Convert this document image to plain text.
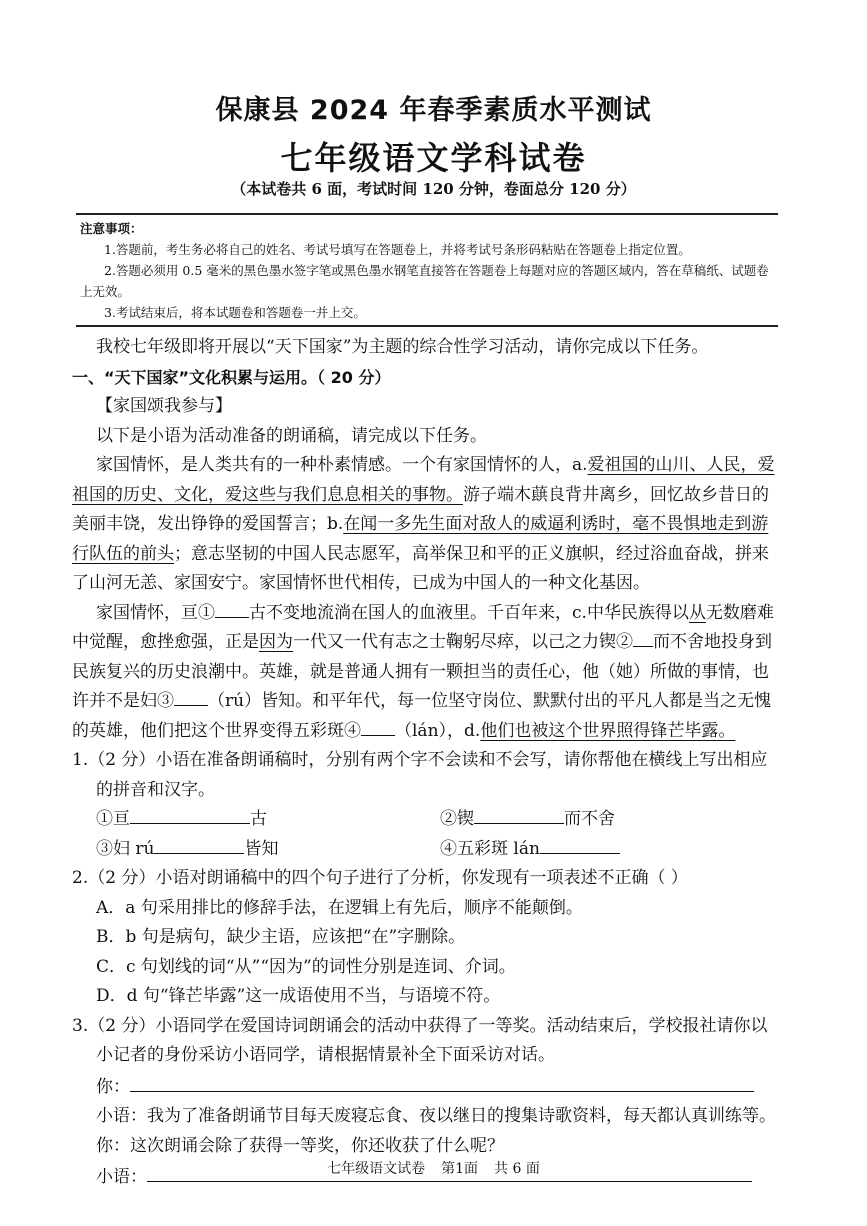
保康县 2024 年春季素质水平测试
七年级语文学科试卷
（本试卷共 6 面，考试时间 120 分钟，卷面总分 120 分）

注意事项：

1.答题前，考生务必将自己的姓名、考试号填写在答题卷上，并将考试号条形码粘贴在答题卷上指定位置。

2.答题必须用 0.5 毫米的黑色墨水签字笔或黑色墨水钢笔直接答在答题卷上每题对应的答题区域内，答在草稿纸、试题卷上无效。

3.考试结束后，将本试题卷和答题卷一并上交。

我校七年级即将开展以“天下国家”为主题的综合性学习活动，请你完成以下任务。

一、“天下国家”文化积累与运用。（ 20 分）

【家国颂我参与】

以下是小语为活动准备的朗诵稿，请完成以下任务。

家国情怀，是人类共有的一种朴素情感。一个有家国情怀的人，a.爱祖国的山川、人民，爱祖国的历史、文化，爱这些与我们息息相关的事物。游子端木蕻良背井离乡，回忆故乡昔日的美丽丰饶，发出铮铮的爱国誓言；b.在闻一多先生面对敌人的威逼利诱时，毫不畏惧地走到游行队伍的前头；意志坚韧的中国人民志愿军，高举保卫和平的正义旗帜，经过浴血奋战，拼来了山河无恙、家国安宁。家国情怀世代相传，已成为中国人的一种文化基因。

家国情怀，亘① 古不变地流淌在国人的血液里。千百年来，c.中华民族得以从无数磨难中觉醒，愈挫愈强，正是因为一代又一代有志之士鞠躬尽瘁，以己之力锲② 而不舍地投身到民族复兴的历史浪潮中。英雄，就是普通人拥有一颗担当的责任心，他（她）所做的事情，也许并不是妇③ （rú）皆知。和平年代，每一位坚守岗位、默默付出的平凡人都是当之无愧的英雄，他们把这个世界变得五彩斑④ （lán），d.他们也被这个世界照得锋芒毕露。

1.（2 分）小语在准备朗诵稿时，分别有两个字不会读和不会写，请你帮他在横线上写出相应的拼音和汉字。

①亘	古	②锲	而不舍
③妇 rú	皆知	④五彩斑 lán

2.（2 分）小语对朗诵稿中的四个句子进行了分析，你发现有一项表述不正确（ ）

A．a 句采用排比的修辞手法，在逻辑上有先后，顺序不能颠倒。

B．b 句是病句，缺少主语，应该把“在”字删除。

C．c 句划线的词“从”“因为”的词性分别是连词、介词。

D．d 句“锋芒毕露”这一成语使用不当，与语境不符。

3.（2 分）小语同学在爱国诗词朗诵会的活动中获得了一等奖。活动结束后，学校报社请你以小记者的身份采访小语同学，请根据情景补全下面采访对话。

你：

小语：我为了准备朗诵节目每天废寝忘食、夜以继日的搜集诗歌资料，每天都认真训练等。

你：这次朗诵会除了获得一等奖，你还收获了什么呢？

小语：	七年级语文试卷 第1面 共 6 面
